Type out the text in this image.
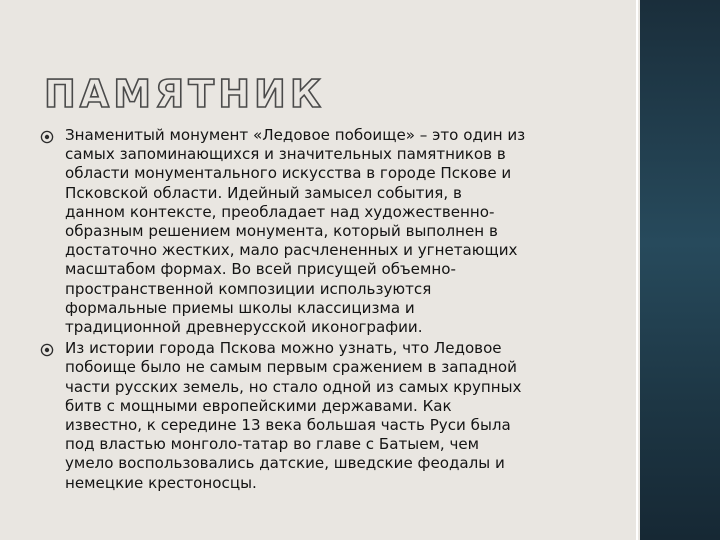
ПАМЯТНИК
Знаменитый монумент «Ледовое побоище» – это один из
самых запоминающихся и значительных памятников в
области монументального искусства в городе Пскове и
Псковской области. Идейный замысел события, в
данном контексте, преобладает над художественно-
образным решением монумента, который выполнен в
достаточно жестких, мало расчлененных и угнетающих
масштабом формах. Во всей присущей объемно-
пространственной композиции используются
формальные приемы школы классицизма и
традиционной древнерусской иконографии.
Из истории города Пскова можно узнать, что Ледовое
побоище было не самым первым сражением в западной
части русских земель, но стало одной из самых крупных
битв с мощными европейскими державами. Как
известно, к середине 13 века большая часть Руси была
под властью монголо-татар во главе с Батыем, чем
умело воспользовались датские, шведские феодалы и
немецкие крестоносцы.
